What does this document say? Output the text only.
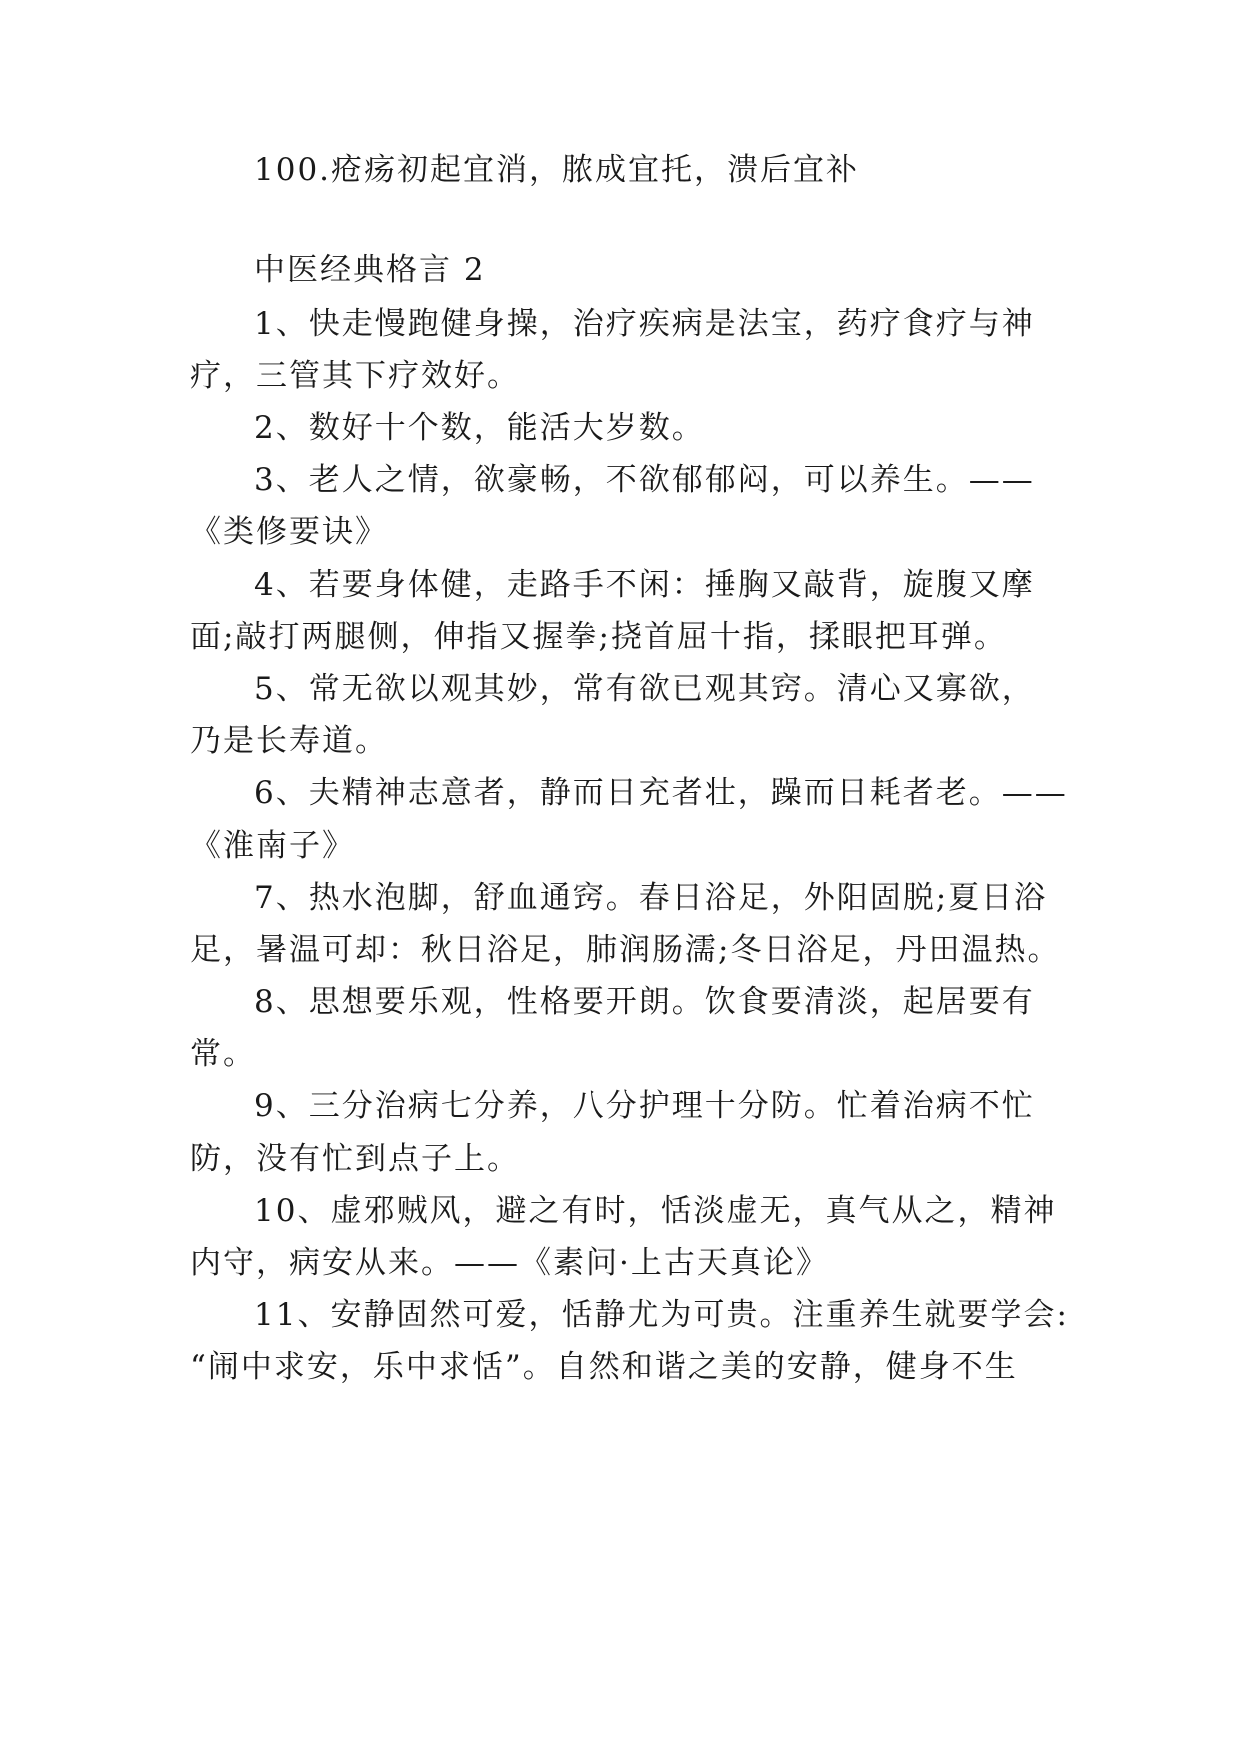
100.疮疡初起宜消，脓成宜托，溃后宜补
中医经典格言 2
1、快走慢跑健身操，治疗疾病是法宝，药疗食疗与神
疗，三管其下疗效好。
2、数好十个数，能活大岁数。
3、老人之情，欲豪畅，不欲郁郁闷，可以养生。——
《类修要诀》
4、若要身体健，走路手不闲：捶胸又敲背，旋腹又摩
面;敲打两腿侧，伸指又握拳;挠首屈十指，揉眼把耳弹。
5、常无欲以观其妙，常有欲已观其窍。清心又寡欲，
乃是长寿道。
6、夫精神志意者，静而日充者壮，躁而日耗者老。——
《淮南子》
7、热水泡脚，舒血通窍。春日浴足，外阳固脱;夏日浴
足，暑温可却：秋日浴足，肺润肠濡;冬日浴足，丹田温热。
8、思想要乐观，性格要开朗。饮食要清淡，起居要有
常。
9、三分治病七分养，八分护理十分防。忙着治病不忙
防，没有忙到点子上。
10、虚邪贼风，避之有时，恬淡虚无，真气从之，精神
内守，病安从来。——《素问·上古天真论》
11、安静固然可爱，恬静尤为可贵。注重养生就要学会:
“闹中求安，乐中求恬”。自然和谐之美的安静，健身不生
